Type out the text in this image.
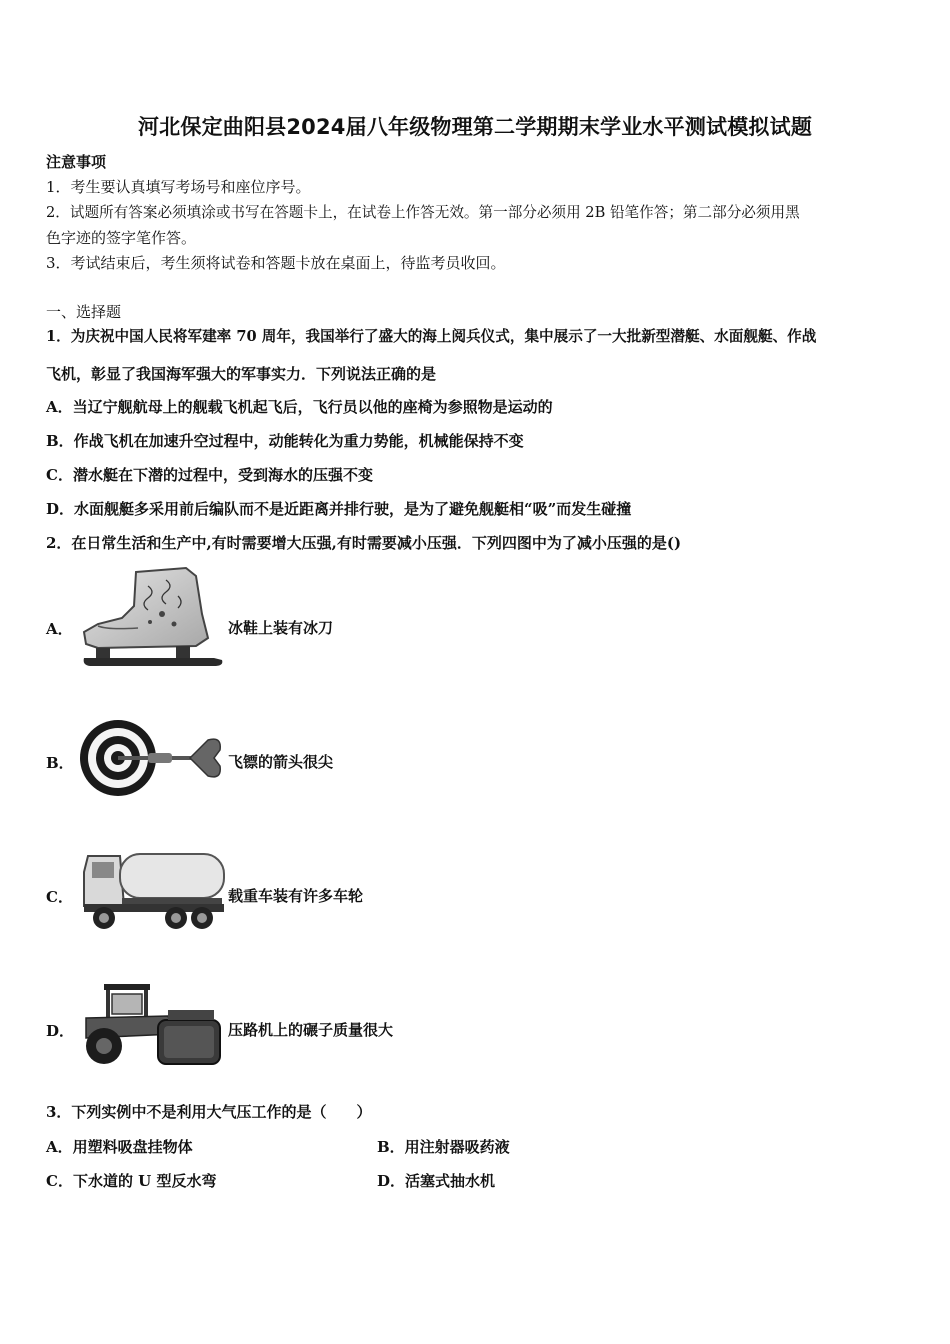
河北保定曲阳县2024届八年级物理第二学期期末学业水平测试模拟试题
注意事项
1．考生要认真填写考场号和座位序号。
2．试题所有答案必须填涂或书写在答题卡上，在试卷上作答无效。第一部分必须用 2B 铅笔作答；第二部分必须用黑
色字迹的签字笔作答。
3．考试结束后，考生须将试卷和答题卡放在桌面上，待监考员收回。
一、选择题
1．为庆祝中国人民将军建率 70 周年，我国举行了盛大的海上阅兵仪式，集中展示了一大批新型潜艇、水面舰艇、作战
飞机，彰显了我国海军强大的军事实力．下列说法正确的是
A．当辽宁舰航母上的舰载飞机起飞后，飞行员以他的座椅为参照物是运动的
B．作战飞机在加速升空过程中，动能转化为重力势能，机械能保持不变
C．潜水艇在下潜的过程中，受到海水的压强不变
D．水面舰艇多采用前后编队而不是近距离并排行驶，是为了避免舰艇相“吸”而发生碰撞
2．在日常生活和生产中,有时需要增大压强,有时需要减小压强．下列四图中为了减小压强的是()
A．	冰鞋上装有冰刀
B．	飞镖的箭头很尖
C．	载重车装有许多车轮
D．	压路机上的碾子质量很大
3．下列实例中不是利用大气压工作的是（　　）
A．用塑料吸盘挂物体	B．用注射器吸药液
C．下水道的 U 型反水弯	D．活塞式抽水机
